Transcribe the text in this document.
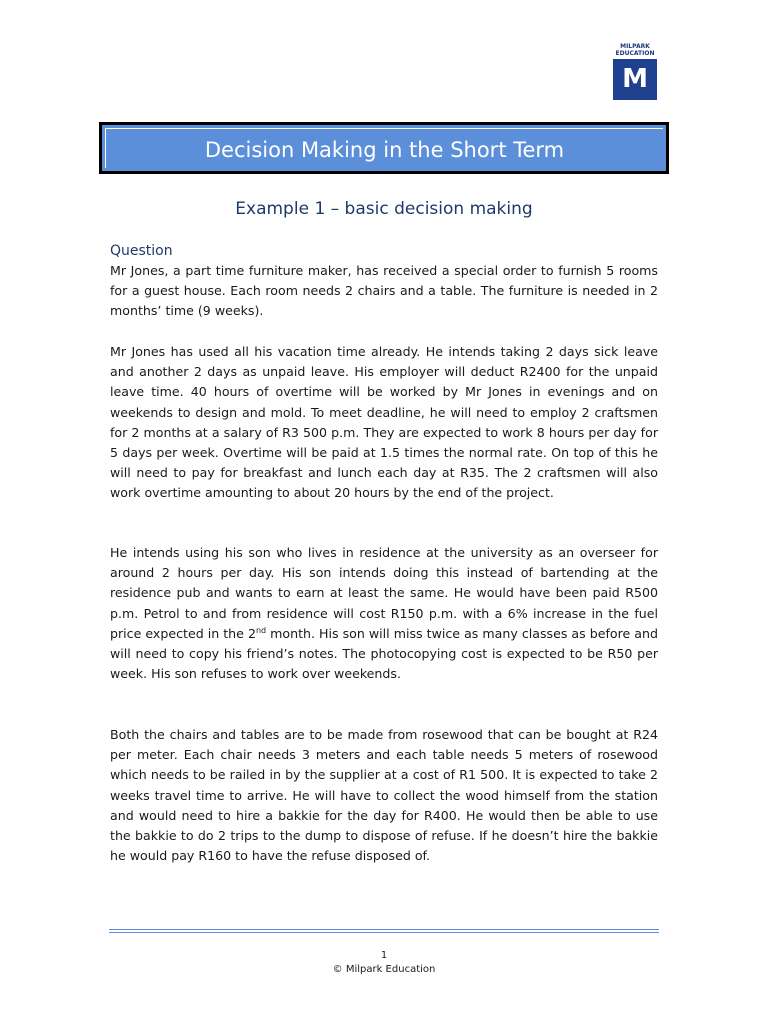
MILPARK
EDUCATION
M
Decision Making in the Short Term
Example 1 – basic decision making
Question
Mr Jones, a part time furniture maker, has received a special order to furnish 5 rooms for a guest house. Each room needs 2 chairs and a table. The furniture is needed in 2 months’ time (9 weeks).
Mr Jones has used all his vacation time already. He intends taking 2 days sick leave and another 2 days as unpaid leave. His employer will deduct R2400 for the unpaid leave time. 40 hours of overtime will be worked by Mr Jones in evenings and on weekends to design and mold. To meet deadline, he will need to employ 2 craftsmen for 2 months at a salary of R3 500 p.m. They are expected to work 8 hours per day for 5 days per week. Overtime will be paid at 1.5 times the normal rate. On top of this he will need to pay for breakfast and lunch each day at R35. The 2 craftsmen will also work overtime amounting to about 20 hours by the end of the project.
He intends using his son who lives in residence at the university as an overseer for around 2 hours per day. His son intends doing this instead of bartending at the residence pub and wants to earn at least the same. He would have been paid R500 p.m. Petrol to and from residence will cost R150 p.m. with a 6% increase in the fuel price expected in the 2nd month. His son will miss twice as many classes as before and will need to copy his friend’s notes. The photocopying cost is expected to be R50 per week. His son refuses to work over weekends.
Both the chairs and tables are to be made from rosewood that can be bought at R24 per meter. Each chair needs 3 meters and each table needs 5 meters of rosewood which needs to be railed in by the supplier at a cost of R1 500. It is expected to take 2 weeks travel time to arrive. He will have to collect the wood himself from the station and would need to hire a bakkie for the day for R400. He would then be able to use the bakkie to do 2 trips to the dump to dispose of refuse. If he doesn’t hire the bakkie he would pay R160 to have the refuse disposed of.
1
© Milpark Education
